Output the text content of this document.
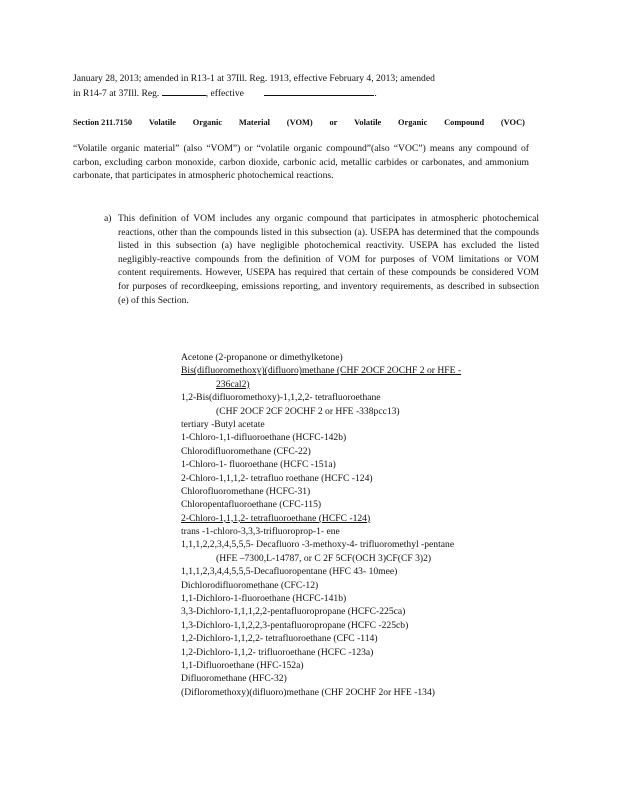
January 28, 2013; amended in R13-1 at 37Ill. Reg. 1913, effective February 4, 2013; amended
in R14-7 at 37Ill. Reg.	, effective	.
Section 211.7150 Volatile Organic Material (VOM) or Volatile Organic Compound (VOC)
“Volatile organic material” (also “VOM”) or “volatile organic compound”(also “VOC”) means any compound of carbon, excluding carbon monoxide, carbon dioxide, carbonic acid, metallic carbides or carbonates, and ammonium carbonate, that participates in atmospheric photochemical reactions.
a) This definition of VOM includes any organic compound that participates in atmospheric photochemical reactions, other than the compounds listed in this subsection (a). USEPA has determined that the compounds listed in this subsection (a) have negligible photochemical reactivity. USEPA has excluded the listed negligibly-reactive compounds from the definition of VOM for purposes of VOM limitations or VOM content requirements. However, USEPA has required that certain of these compounds be considered VOM for purposes of recordkeeping, emissions reporting, and inventory requirements, as described in subsection (e) of this Section.
Acetone (2-propanone or dimethylketone)
Bis(difluoromethoxy)(difluoro)methane (CHF 2OCF 2OCHF 2 or HFE -
236cal2)
1,2-Bis(difluoromethoxy)-1,1,2,2- tetrafluoroethane
(CHF 2OCF 2CF 2OCHF 2 or HFE -338pcc13)
tertiary -Butyl acetate
1-Chloro-1,1-difluoroethane (HCFC-142b)
Chlorodifluoromethane (CFC-22)
1-Chloro-1- fluoroethane (HCFC -151a)
2-Chloro-1,1,1,2- tetrafluo roethane (HCFC -124)
Chlorofluoromethane (HCFC-31)
Chloropentafluoroethane (CFC-115)
2-Chloro-1,1,1,2- tetrafluoroethane (HCFC -124)
trans -1-chloro-3,3,3-trifluoroprop-1- ene
1,1,1,2,2,3,4,5,5,5- Decafluoro -3-methoxy-4- trifluoromethyl -pentane
(HFE –7300,L-14787, or C 2F 5CF(OCH 3)CF(CF 3)2)
1,1,1,2,3,4,4,5,5,5-Decafluoropentane (HFC 43- 10mee)
Dichlorodifluoromethane (CFC-12)
1,1-Dichloro-1-fluoroethane (HCFC-141b)
3,3-Dichloro-1,1,1,2,2-pentafluoropropane (HCFC-225ca)
1,3-Dichloro-1,1,2,2,3-pentafluoropropane (HCFC -225cb)
1,2-Dichloro-1,1,2,2- tetrafluoroethane (CFC -114)
1,2-Dichloro-1,1,2- trifluoroethane (HCFC -123a)
1,1-Difluoroethane (HFC-152a)
Difluoromethane (HFC-32)
(Difloromethoxy)(difluoro)methane (CHF 2OCHF 2or HFE -134)
